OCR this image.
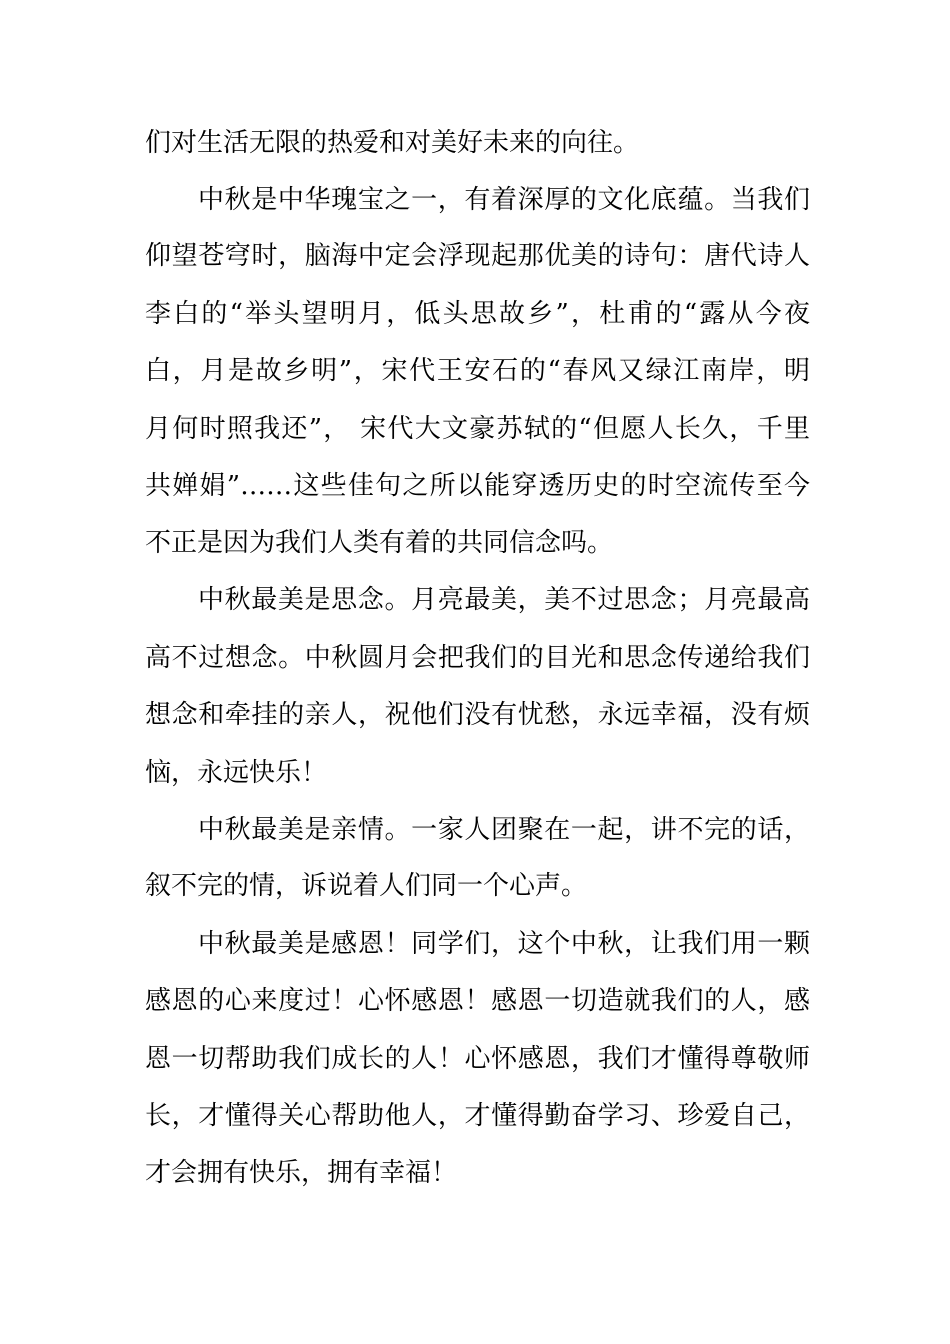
们对生活无限的热爱和对美好未来的向往。
中秋是中华瑰宝之一，有着深厚的文化底蕴。当我们
仰望苍穹时，脑海中定会浮现起那优美的诗句：唐代诗人
李白的“举头望明月，低头思故乡”，杜甫的“露从今夜
白，月是故乡明”，宋代王安石的“春风又绿江南岸，明
月何时照我还”， 宋代大文豪苏轼的“但愿人长久，千里
共婵娟”……这些佳句之所以能穿透历史的时空流传至今
不正是因为我们人类有着的共同信念吗。
中秋最美是思念。月亮最美，美不过思念；月亮最高
高不过想念。中秋圆月会把我们的目光和思念传递给我们
想念和牵挂的亲人，祝他们没有忧愁，永远幸福，没有烦
恼，永远快乐！
中秋最美是亲情。一家人团聚在一起，讲不完的话，
叙不完的情，诉说着人们同一个心声。
中秋最美是感恩！同学们，这个中秋，让我们用一颗
感恩的心来度过！心怀感恩！感恩一切造就我们的人，感
恩一切帮助我们成长的人！心怀感恩，我们才懂得尊敬师
长，才懂得关心帮助他人，才懂得勤奋学习、珍爱自己，
才会拥有快乐，拥有幸福！
